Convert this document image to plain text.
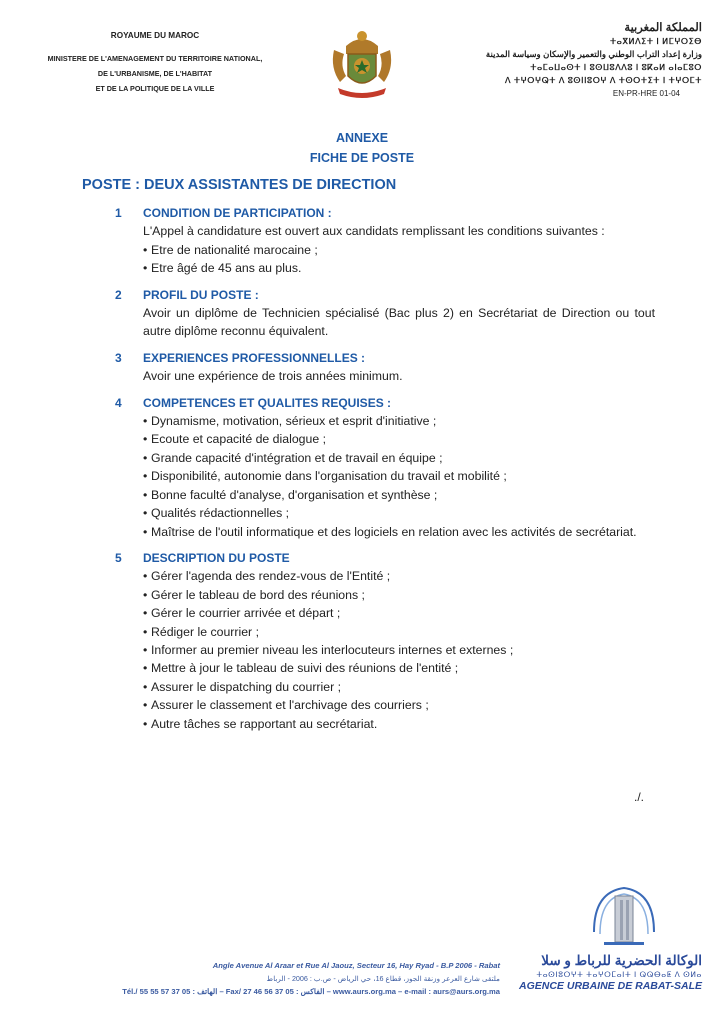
ROYAUME DU MAROC
MINISTERE DE L'AMENAGEMENT DU TERRITOIRE NATIONAL,
DE L'URBANISME, DE L'HABITAT
ET DE LA POLITIQUE DE LA VILLE
المملكة المغربية
ⵜⴰⴳⵍⴷⵉⵜ ⵏ ⵍⵎⵖⵔⵉⴱ
وزارة إعداد التراب الوطني والتعمير والإسكان وسياسة المدينة
ⵜⴰⵎⴰⵡⴰⵙⵜ ⵏ ⵓⵙⵡⵓⴷⴷⵓ ⵏ ⵓⴽⴰⵍ ⴰⵏⴰⵎⵓⵔ
ⴷ ⵜⵖⵔⵖⵕⵜ ⴷ ⵓⵙⵏⵏⵓⵔⵖ ⴷ ⵜⵙⵔⵜⵉⵜ ⵏ ⵜⵖⵔⵎⵜ
EN-PR-HRE 01-04
ANNEXE
FICHE DE POSTE
POSTE : DEUX ASSISTANTES DE DIRECTION
1 CONDITION DE PARTICIPATION :

L'Appel à candidature est ouvert aux candidats remplissant les conditions suivantes :

• Etre de nationalité marocaine ;
• Etre âgé de 45 ans au plus.
2 PROFIL DU POSTE :

Avoir un diplôme de Technicien spécialisé (Bac plus 2) en Secrétariat de Direction ou tout autre diplôme reconnu équivalent.

3 EXPERIENCES PROFESSIONNELLES :

Avoir une expérience de trois années minimum.

4 COMPETENCES ET QUALITES REQUISES :
• Dynamisme, motivation, sérieux et esprit d'initiative ;
• Ecoute et capacité de dialogue ;
• Grande capacité d'intégration et de travail en équipe ;
• Disponibilité, autonomie dans l'organisation du travail et mobilité ;
• Bonne faculté d'analyse, d'organisation et synthèse ;
• Qualités rédactionnelles ;
• Maîtrise de l'outil informatique et des logiciels en relation avec les activités de secrétariat.
5 DESCRIPTION DU POSTE
• Gérer l'agenda des rendez-vous de l'Entité ;
• Gérer le tableau de bord des réunions ;
• Gérer le courrier arrivée et départ ;
• Rédiger le courrier ;
• Informer au premier niveau les interlocuteurs internes et externes ;
• Mettre à jour le tableau de suivi des réunions de l'entité ;
• Assurer le dispatching du courrier ;
• Assurer le classement et l'archivage des courriers ;
• Autre tâches se rapportant au secrétariat.
./.
الوكالة الحضرية للرباط و سلا
ⵜⴰⵙⵏⵓⵔⵖⵜ ⵜⴰⵖⵔⵎⴰⵏⵜ ⵏ ⵕⵕⴱⴰⵟ ⴷ ⵙⵍⴰ
AGENCE URBAINE DE RABAT-SALE
Angle Avenue Al Araar et Rue Al Jaouz, Secteur 16, Hay Ryad - B.P 2006 - Rabat
ملتقى شارع العرعر وزنقة الجوز، قطاع 16، حي الرياض - ص.ب : 2006 - الرباط
Tél./ الهاتف : 05 37 57 55 55 – Fax/ الفاكس : 05 37 56 46 27 – www.aurs.org.ma – e-mail : aurs@aurs.org.ma
